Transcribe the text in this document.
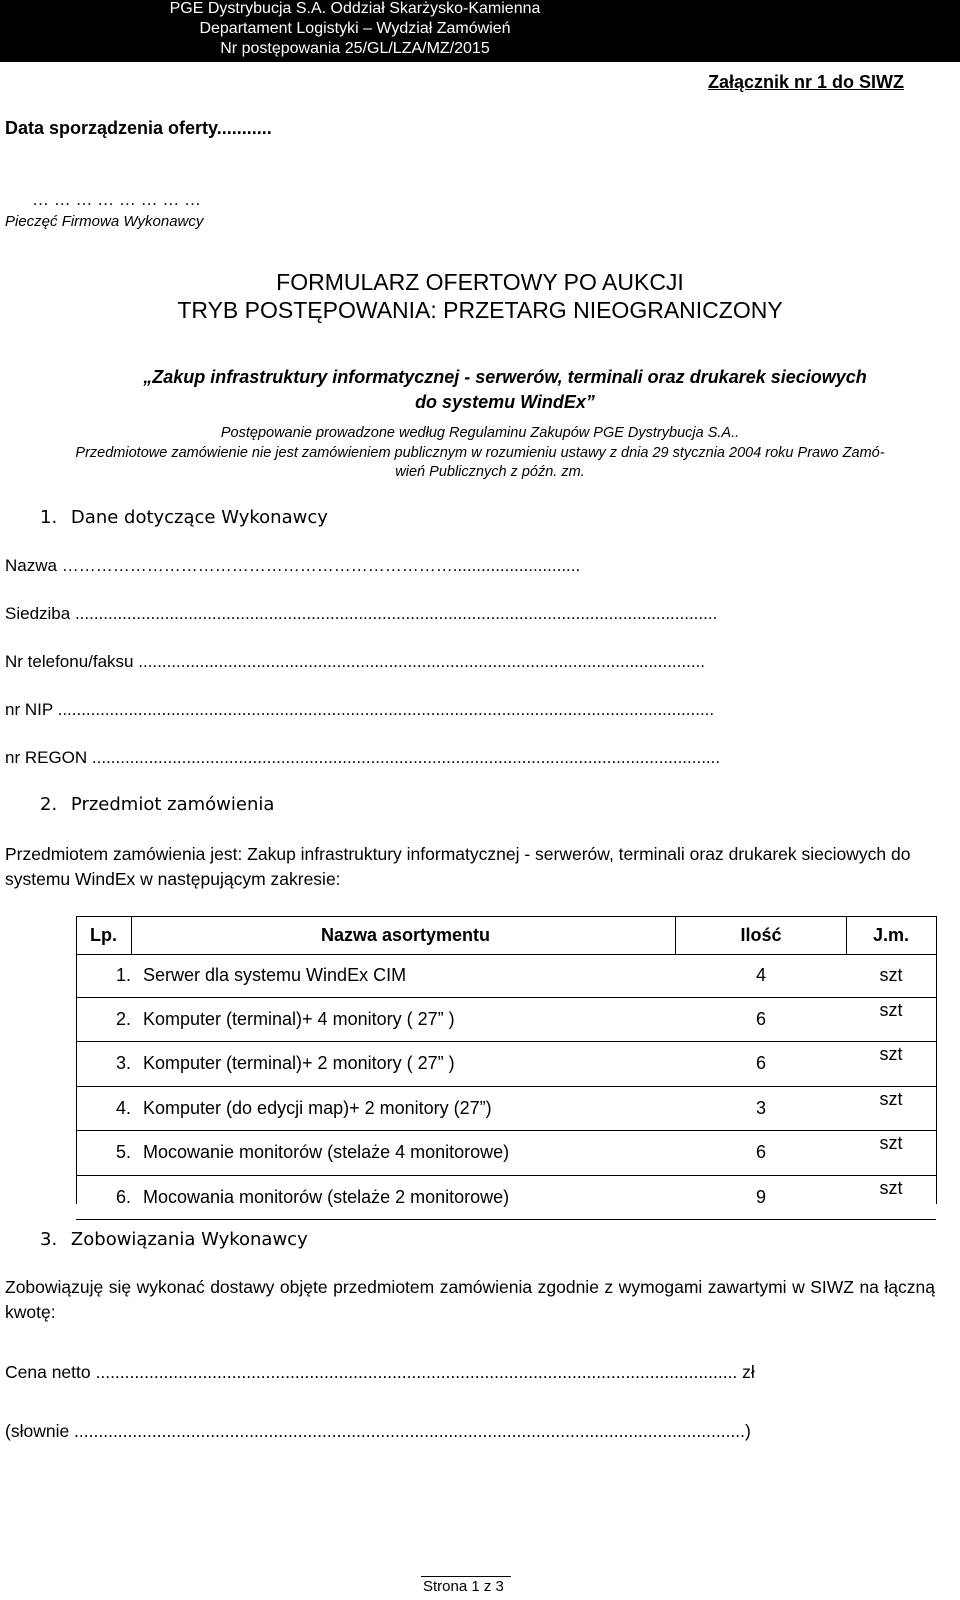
PGE Dystrybucja S.A. Oddział Skarżysko-Kamienna
Departament Logistyki – Wydział Zamówień
Nr postępowania 25/GL/LZA/MZ/2015
Załącznik nr 1 do SIWZ
Data sporządzenia oferty...........
… … … … … … … …
Pieczęć Firmowa Wykonawcy
FORMULARZ OFERTOWY PO AUKCJI
TRYB POSTĘPOWANIA: PRZETARG NIEOGRANICZONY
„Zakup infrastruktury informatycznej - serwerów, terminali oraz drukarek sieciowych
do systemu WindEx”
Postępowanie prowadzone według Regulaminu Zakupów PGE Dystrybucja S.A..
Przedmiotowe zamówienie nie jest zamówieniem publicznym w rozumieniu ustawy z dnia 29 stycznia 2004 roku Prawo Zamó-
wień Publicznych z późn. zm.
1. Dane dotyczące Wykonawcy
Nazwa ……………………………………………………………...........................
Siedziba ........................................................................................................................................
Nr telefonu/faksu ........................................................................................................................
nr NIP ...........................................................................................................................................
nr REGON .....................................................................................................................................
2. Przedmiot zamówienia
Przedmiotem zamówienia jest: Zakup infrastruktury informatycznej - serwerów, terminali oraz drukarek sieciowych do systemu WindEx w następującym zakresie:
Lp.	Nazwa asortymentu	Ilość	J.m.
1.	Serwer dla systemu WindEx CIM	4	szt
2.	Komputer (terminal)+ 4 monitory ( 27” )	6	szt
3.	Komputer (terminal)+ 2 monitory ( 27” )	6	szt
4.	Komputer (do edycji map)+ 2 monitory (27”)	3	szt
5.	Mocowanie monitorów (stelaże 4 monitorowe)	6	szt
6.	Mocowania monitorów (stelaże 2 monitorowe)	9	szt
3. Zobowiązania Wykonawcy
Zobowiązuję się wykonać dostawy objęte przedmiotem zamówienia zgodnie z wymogami zawartymi w SIWZ na łączną kwotę:
Cena netto .................................................................................................................................... zł
(słownie ..........................................................................................................................................)
Strona 1 z 3
